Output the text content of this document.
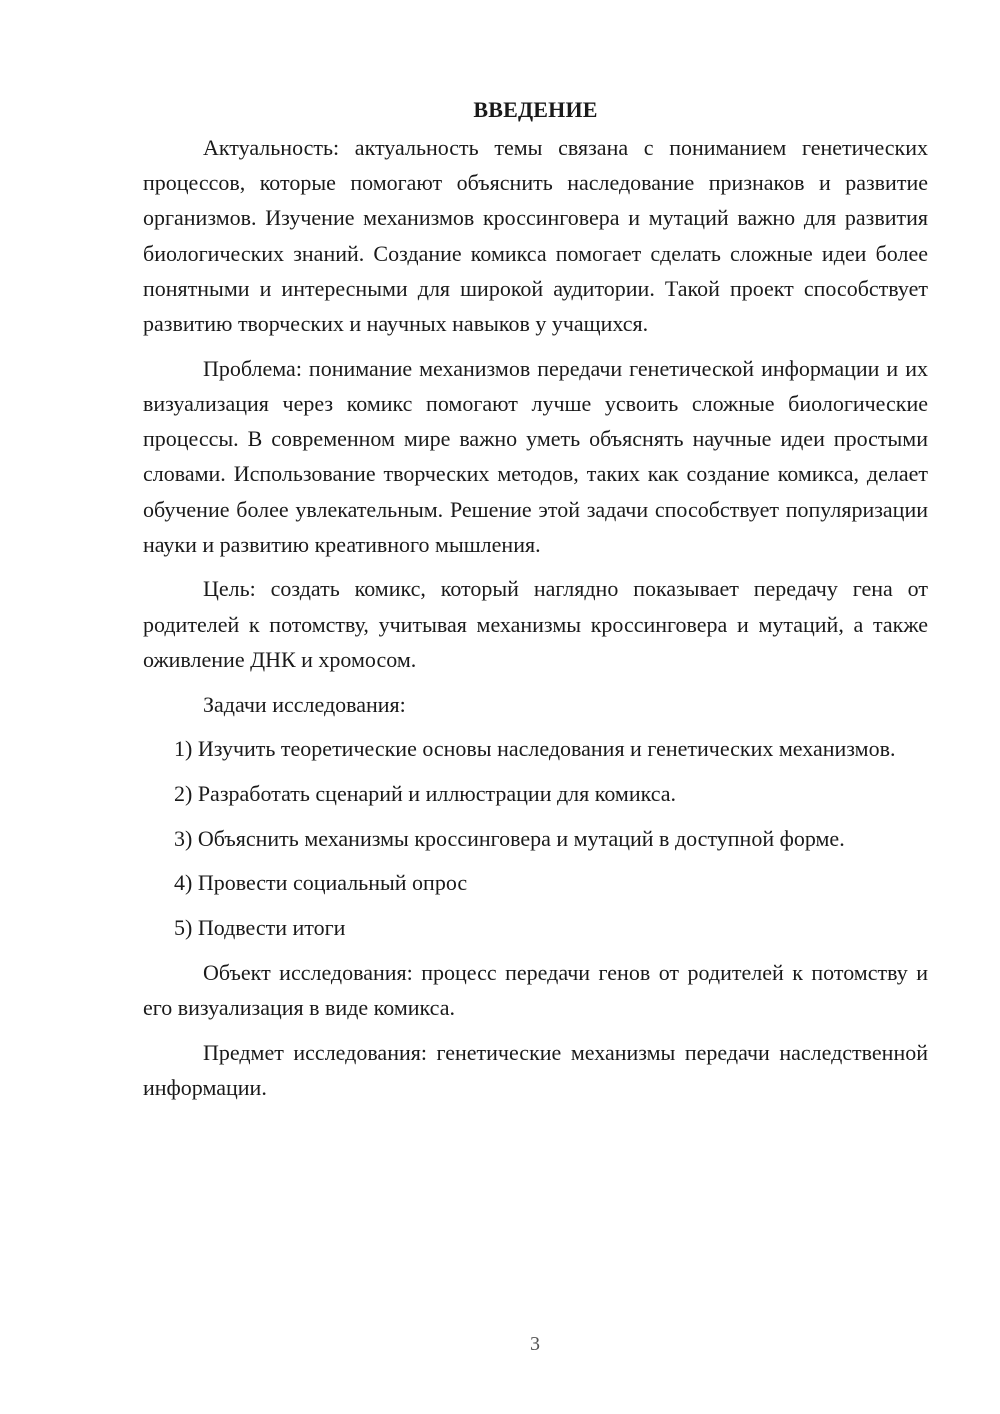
ВВЕДЕНИЕ

Актуальность: актуальность темы связана с пониманием генетических процессов, которые помогают объяснить наследование признаков и развитие организмов. Изучение механизмов кроссинговера и мутаций важно для развития биологических знаний. Создание комикса помогает сделать сложные идеи более понятными и интересными для широкой аудитории. Такой проект способствует развитию творческих и научных навыков у учащихся.

Проблема: понимание механизмов передачи генетической информации и их визуализация через комикс помогают лучше усвоить сложные биологические процессы. В современном мире важно уметь объяснять научные идеи простыми словами. Использование творческих методов, таких как создание комикса, делает обучение более увлекательным. Решение этой задачи способствует популяризации науки и развитию креативного мышления.

Цель: создать комикс, который наглядно показывает передачу гена от родителей к потомству, учитывая механизмы кроссинговера и мутаций, а также оживление ДНК и хромосом.

Задачи исследования:

1) Изучить теоретические основы наследования и генетических механизмов.

2) Разработать сценарий и иллюстрации для комикса.

3) Объяснить механизмы кроссинговера и мутаций в доступной форме.

4) Провести социальный опрос

5) Подвести итоги

Объект исследования: процесс передачи генов от родителей к потомству и его визуализация в виде комикса.

Предмет исследования: генетические механизмы передачи наследственной информации.

3
